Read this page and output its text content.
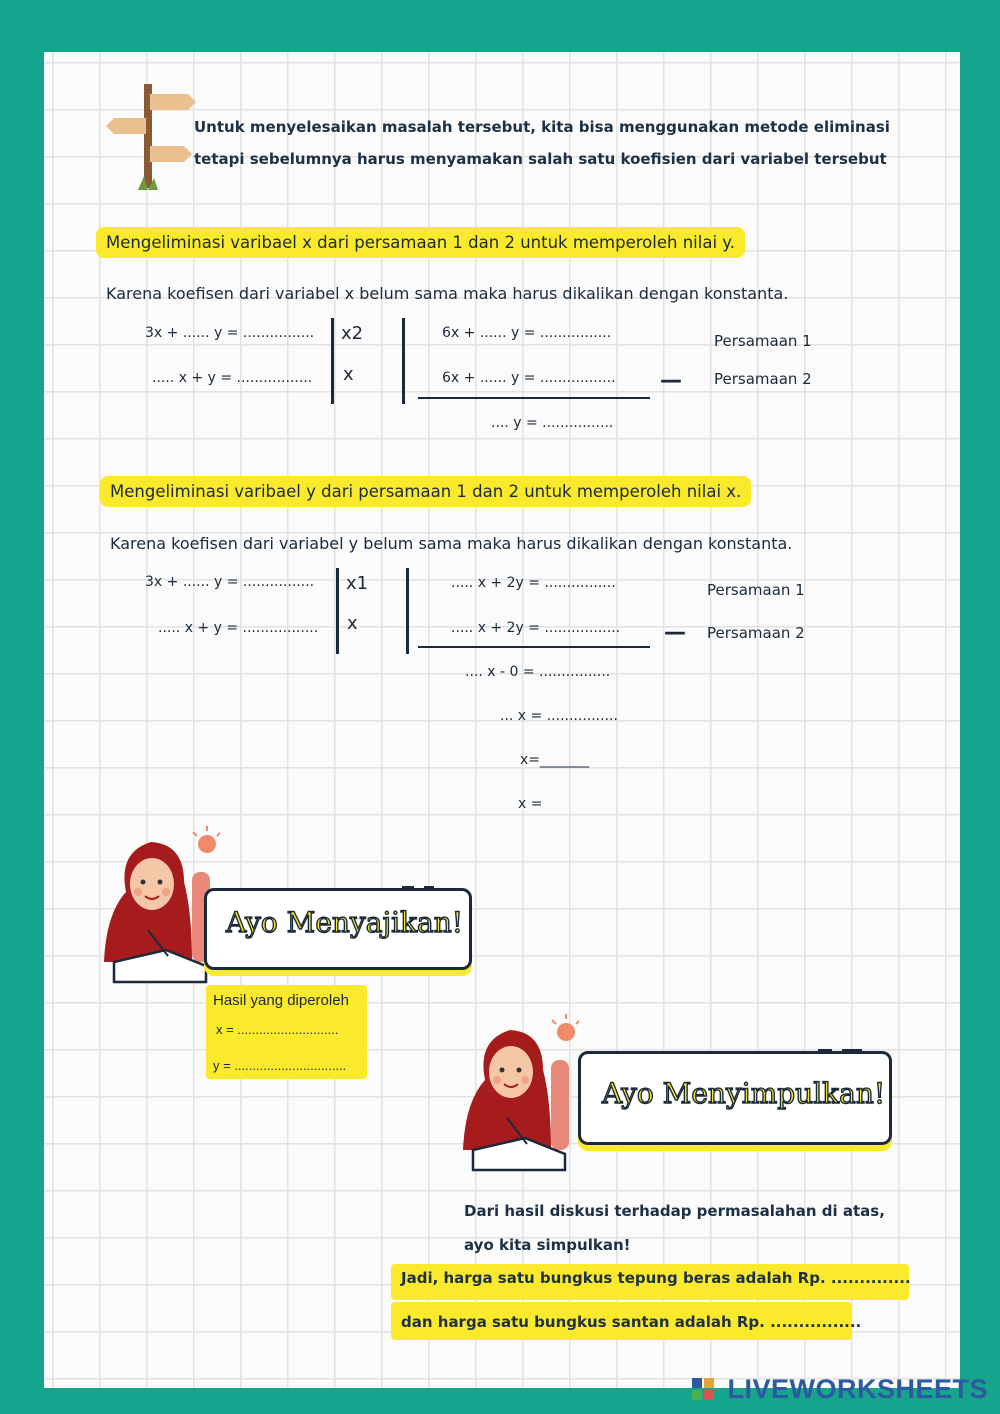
Untuk menyelesaikan masalah tersebut, kita bisa menggunakan metode eliminasi
tetapi sebelumnya harus menyamakan salah satu koefisien dari variabel tersebut
Mengeliminasi varibael x dari persamaan 1 dan 2 untuk memperoleh nilai y.
Karena koefisen dari variabel x belum sama maka harus dikalikan dengan konstanta.
3x + ...... y = ................
..... x + y = .................
x2
x
6x + ...... y = ................
6x + ...... y = ................. —
Persamaan 1
Persamaan 2
.... y = ................
Mengeliminasi varibael y dari persamaan 1 dan 2 untuk memperoleh nilai x.
Karena koefisen dari variabel y belum sama maka harus dikalikan dengan konstanta.
3x + ...... y = ................
..... x + y = .................
x1
x
..... x + 2y = ................
..... x + 2y = ................. —
Persamaan 1
Persamaan 2
.... x - 0 = ................
... x = ................
x=_______
x =
Ayo Menyajikan!
Hasil yang diperoleh
x = ............................
y = ...............................
Ayo Menyimpulkan!
Dari hasil diskusi terhadap permasalahan di atas,
ayo kita simpulkan!
Jadi, harga satu bungkus tepung beras adalah Rp. ..............
dan harga satu bungkus santan adalah Rp. ................
LIVEWORKSHEETS
